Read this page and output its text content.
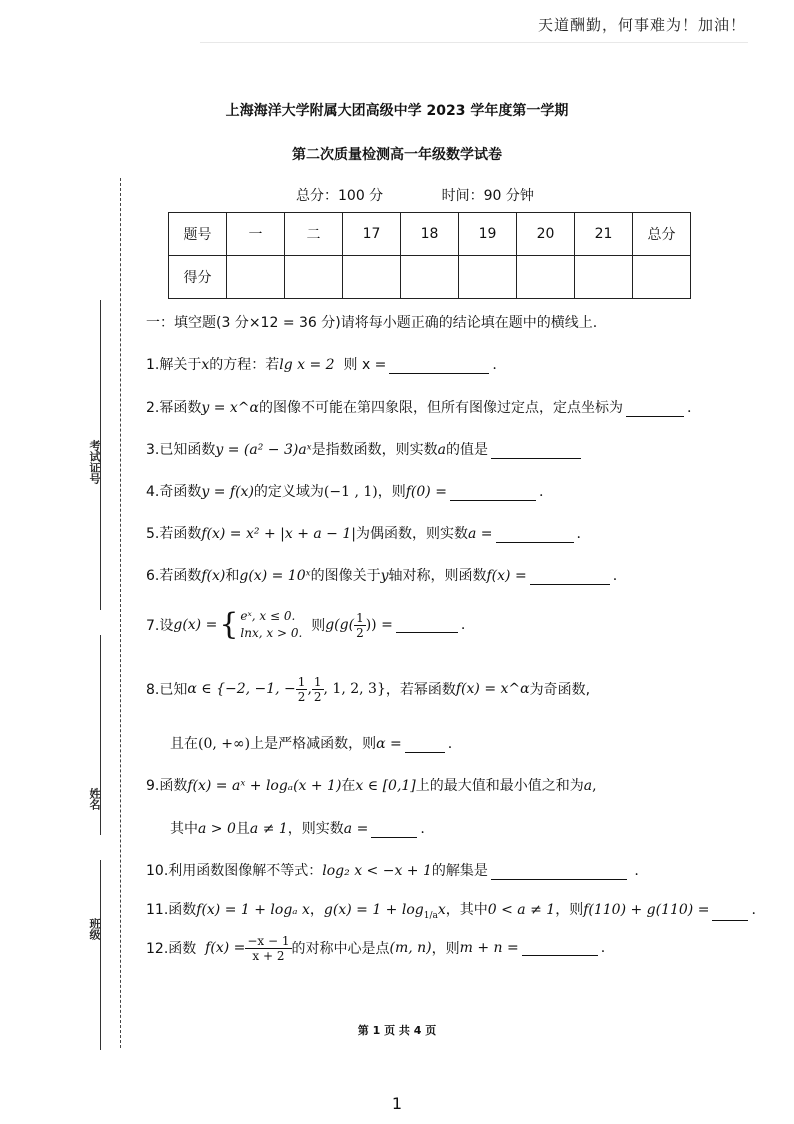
天道酬勤，何事难为！加油！
上海海洋大学附属大团高级中学 2023 学年度第一学期
第二次质量检测高一年级数学试卷
总分：100 分	时间：90 分钟
题号	一	二	17	18	19	20	21	总分
得分								
考试证号
姓名
班级
一：填空题(3 分×12 = 36 分)请将每小题正确的结论填在题中的横线上.
1.解关于x的方程：若lg x = 2 则 x =	.
2.幂函数y = x^α的图像不可能在第四象限，但所有图像过定点，定点坐标为	.
3.已知函数y = (a² − 3)aˣ是指数函数，则实数a的值是
4.奇函数y = f(x)的定义域为(−1 , 1)，则f(0) =	.
5.若函数f(x) = x² + |x + a − 1|为偶函数，则实数a =	.
6.若函数f(x)和g(x) = 10ˣ的图像关于y轴对称，则函数f(x) =	.
7.设 g(x) = { eˣ, x ≤ 0.
lnx, x > 0.
则 $g(g( \frac{1}{2}$ )) =	.
8.已知 α ∈ {−2, −1, − $\frac{1}{2}$ , $\frac{1}{2}$ , 1, 2, 3} ，若幂函数 f(x) = x^α 为奇函数,
且在(0, +∞)上是严格减函数，则α =	.
9.函数f(x) = aˣ + logₐ(x + 1)在x ∈ [0,1]上的最大值和最小值之和为a,
其中a > 0且a ≠ 1，则实数a =	.
10.利用函数图像解不等式：log₂ x < −x + 1的解集是	.
11.函数f(x) = 1 + logₐ x，$g(x) = 1 + \log_{1/a}x$，其中0 < a ≠ 1，则f(110) + g(110) =	.
12.函数
$f(x) = \frac{-x - 1}{x + 2}$ 的对称中心是点 (m, n) ，则 m + n =	.
第 1 页 共 4 页
1
